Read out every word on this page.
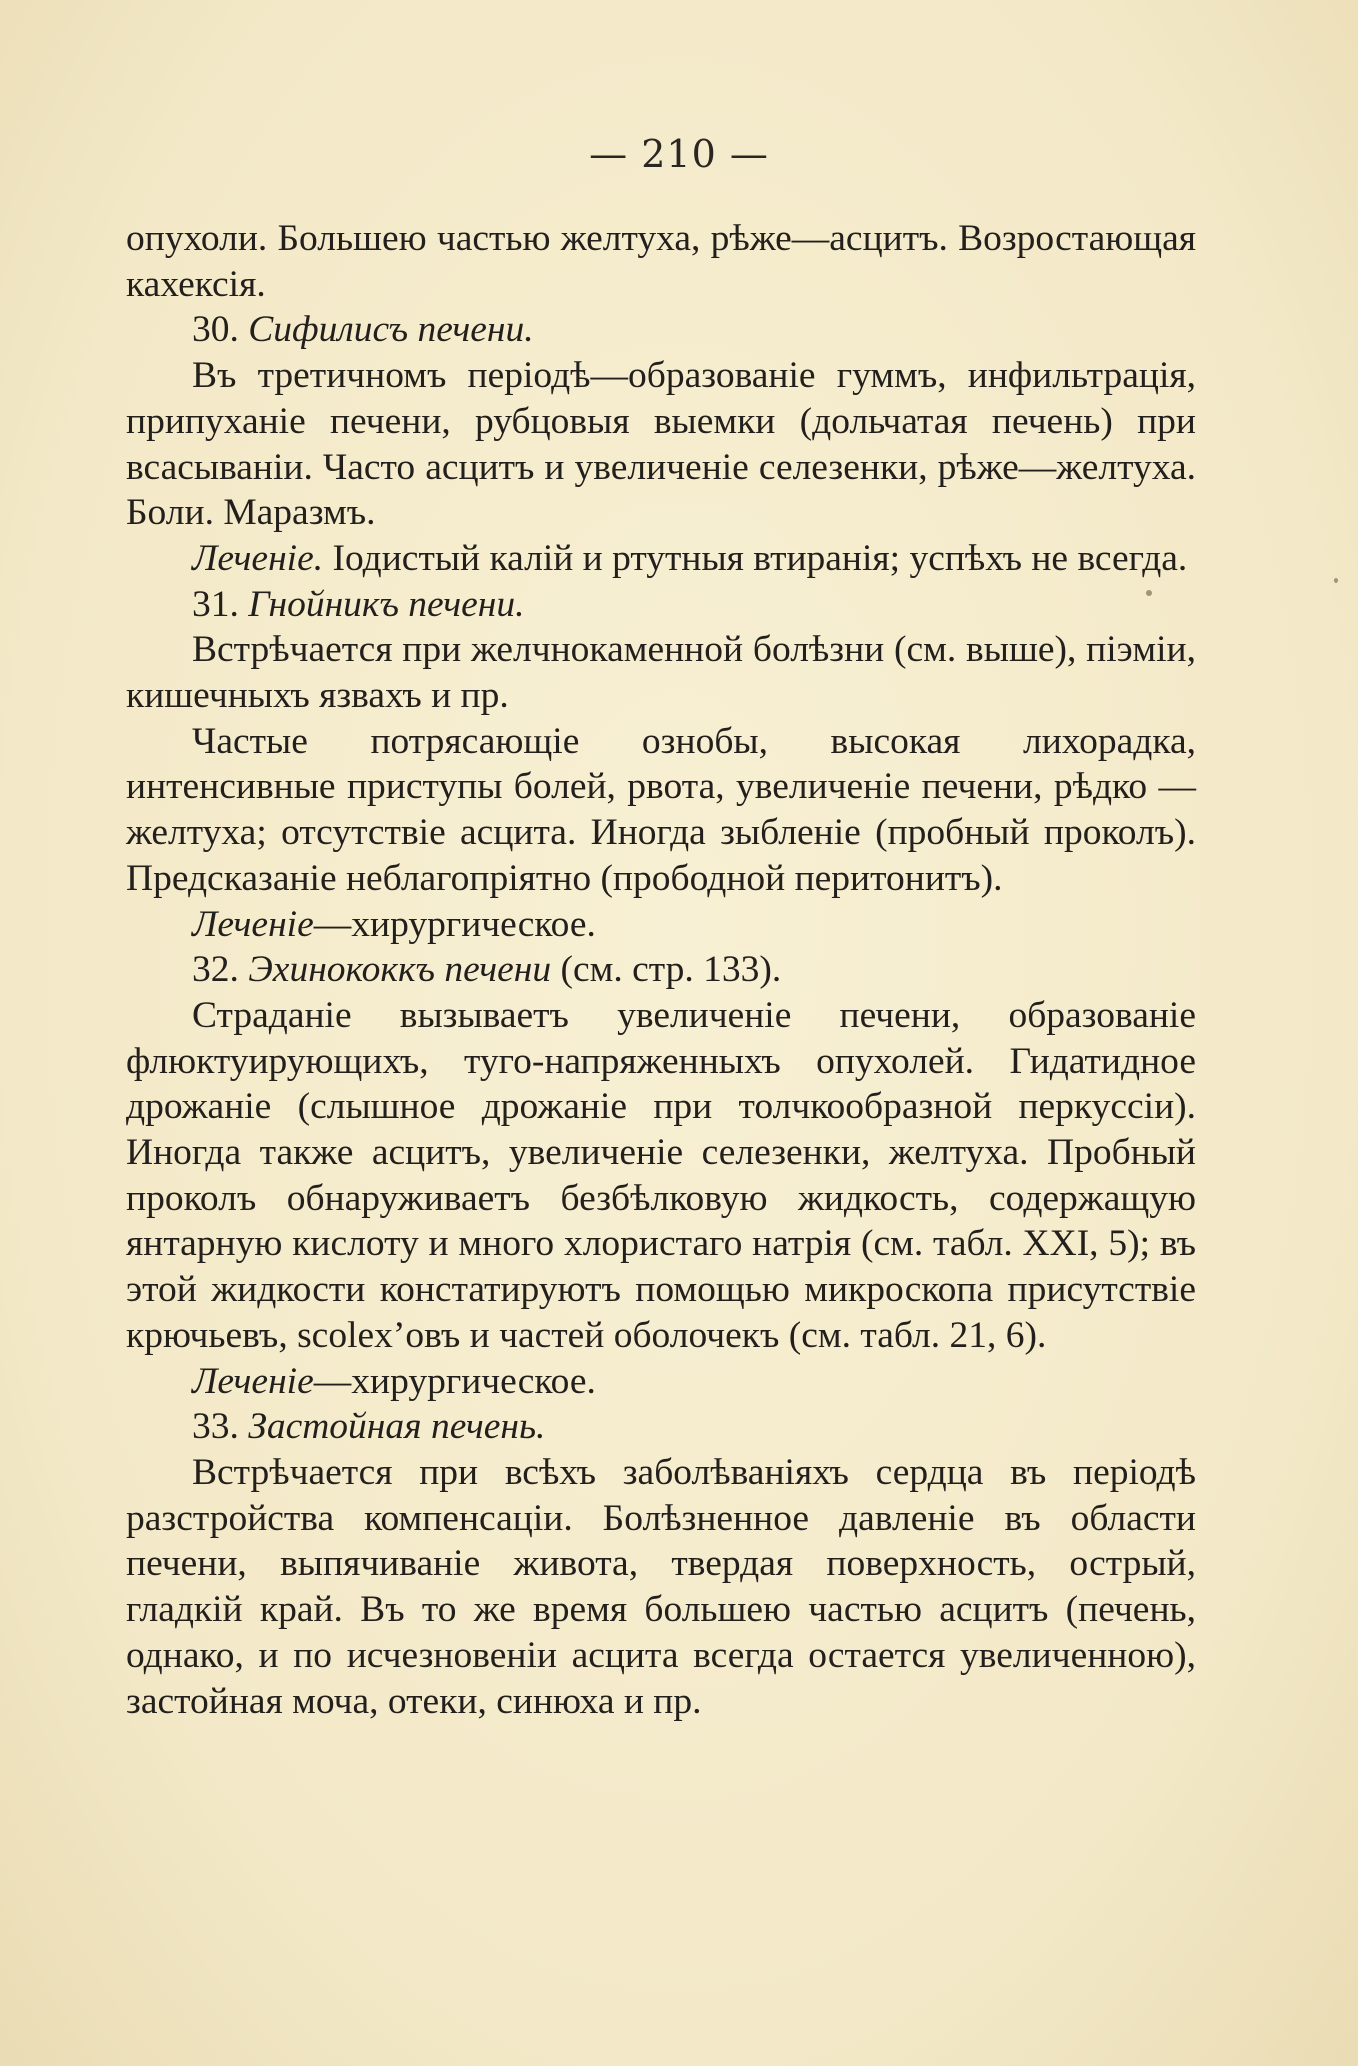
— 210 —

опухоли. Большею частью желтуха, рѣже—асцитъ. Возростающая кахексія.

30. Сифилисъ печени.

Въ третичномъ періодѣ—образованіе гуммъ, инфильтрація, припуханіе печени, рубцовыя выемки (дольчатая печень) при всасываніи. Часто асцитъ и увеличеніе селезенки, рѣже—желтуха. Боли. Маразмъ.

Леченіе. Іодистый калій и ртутныя втиранія; успѣхъ не всегда.

31. Гнойникъ печени.

Встрѣчается при желчнокаменной болѣзни (см. выше), піэміи, кишечныхъ язвахъ и пр.

Частые потрясающіе ознобы, высокая лихорадка, интенсивные приступы болей, рвота, увеличеніе печени, рѣдко — желтуха; отсутствіе асцита. Иногда зыбленіе (пробный проколъ). Предсказаніе неблагопріятно (прободной перитонитъ).

Леченіе—хирургическое.

32. Эхинококкъ печени (см. стр. 133).

Страданіе вызываетъ увеличеніе печени, образованіе флюктуирующихъ, туго-напряженныхъ опухолей. Гидатидное дрожаніе (слышное дрожаніе при толчкообразной перкуссіи). Иногда также асцитъ, увеличеніе селезенки, желтуха. Пробный проколъ обнаруживаетъ безбѣлковую жидкость, содержащую янтарную кислоту и много хлористаго натрія (см. табл. XXI, 5); въ этой жидкости констатируютъ помощью микроскопа присутствіе крючьевъ, scolex’овъ и частей оболочекъ (см. табл. 21, 6).

Леченіе—хирургическое.

33. Застойная печень.

Встрѣчается при всѣхъ заболѣваніяхъ сердца въ періодѣ разстройства компенсаціи. Болѣзненное давленіе въ области печени, выпячиваніе живота, твердая поверхность, острый, гладкій край. Въ то же время большею частью асцитъ (печень, однако, и по исчезновеніи асцита всегда остается увеличенною), застойная моча, отеки, синюха и пр.
